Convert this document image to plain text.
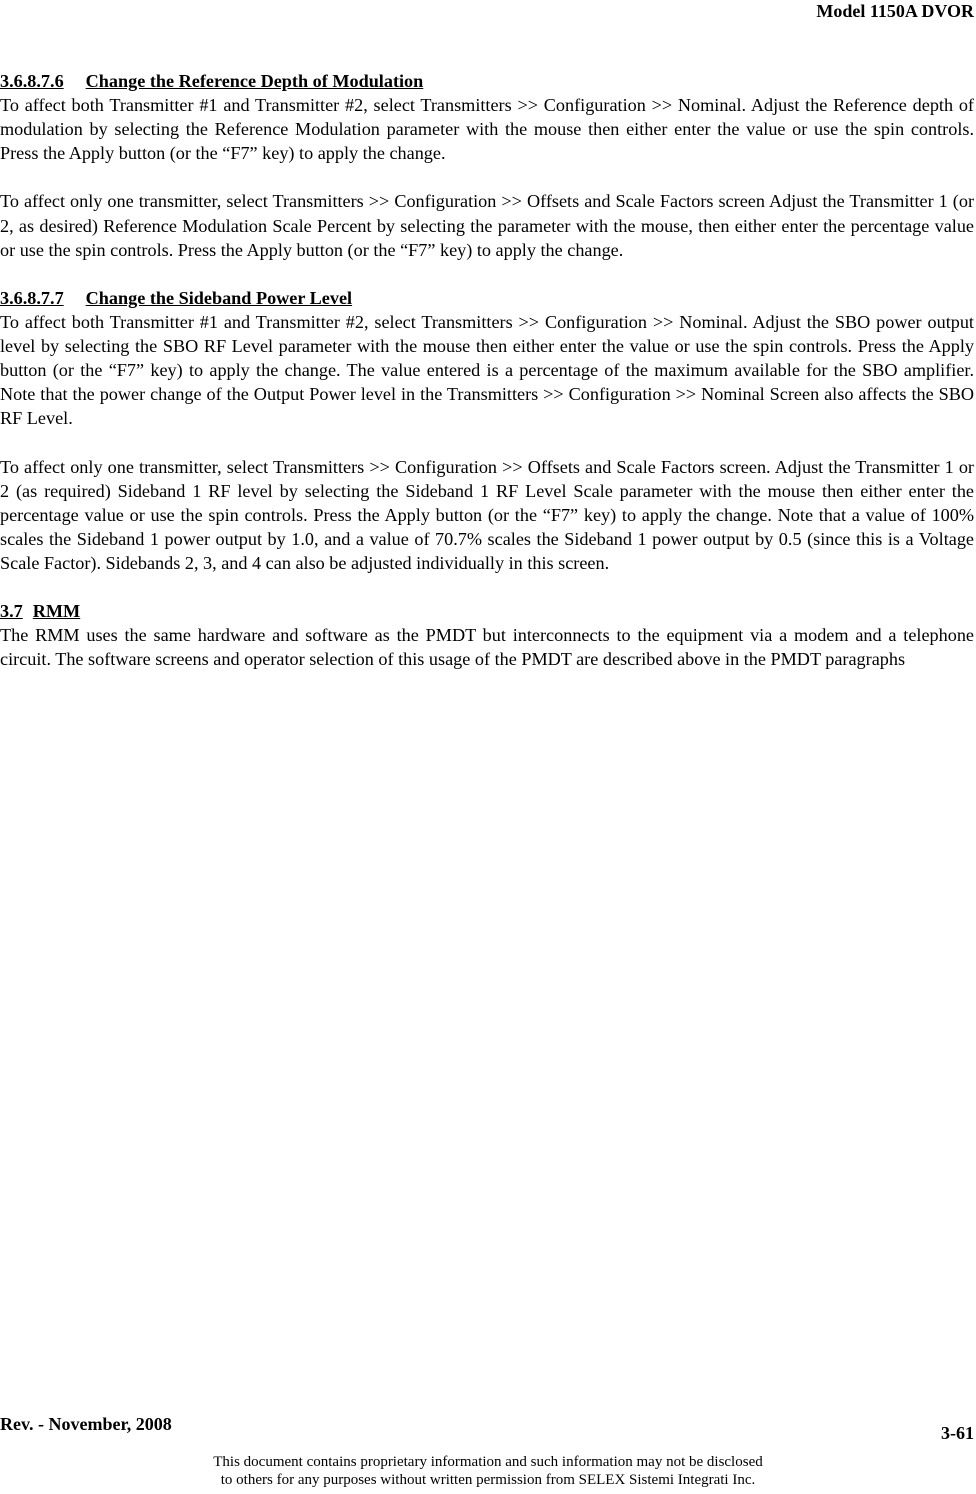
Model 1150A DVOR
3.6.8.7.6 Change the Reference Depth of Modulation

To affect both Transmitter #1 and Transmitter #2, select Transmitters >> Configuration >> Nominal. Adjust the Reference depth of modulation by selecting the Reference Modulation parameter with the mouse then either enter the value or use the spin controls. Press the Apply button (or the “F7” key) to apply the change.

To affect only one transmitter, select Transmitters >> Configuration >> Offsets and Scale Factors screen Adjust the Transmitter 1 (or 2, as desired) Reference Modulation Scale Percent by selecting the parameter with the mouse, then either enter the percentage value or use the spin controls. Press the Apply button (or the “F7” key) to apply the change.

3.6.8.7.7 Change the Sideband Power Level

To affect both Transmitter #1 and Transmitter #2, select Transmitters >> Configuration >> Nominal. Adjust the SBO power output level by selecting the SBO RF Level parameter with the mouse then either enter the value or use the spin controls. Press the Apply button (or the “F7” key) to apply the change. The value entered is a percentage of the maximum available for the SBO amplifier. Note that the power change of the Output Power level in the Transmitters >> Configuration >> Nominal Screen also affects the SBO RF Level.

To affect only one transmitter, select Transmitters >> Configuration >> Offsets and Scale Factors screen. Adjust the Transmitter 1 or 2 (as required) Sideband 1 RF level by selecting the Sideband 1 RF Level Scale parameter with the mouse then either enter the percentage value or use the spin controls. Press the Apply button (or the “F7” key) to apply the change. Note that a value of 100% scales the Sideband 1 power output by 1.0, and a value of 70.7% scales the Sideband 1 power output by 0.5 (since this is a Voltage Scale Factor). Sidebands 2, 3, and 4 can also be adjusted individually in this screen.

3.7 RMM

The RMM uses the same hardware and software as the PMDT but interconnects to the equipment via a modem and a telephone circuit. The software screens and operator selection of this usage of the PMDT are described above in the PMDT paragraphs

Rev. - November, 2008	3-61
This document contains proprietary information and such information may not be disclosed
to others for any purposes without written permission from SELEX Sistemi Integrati Inc.
